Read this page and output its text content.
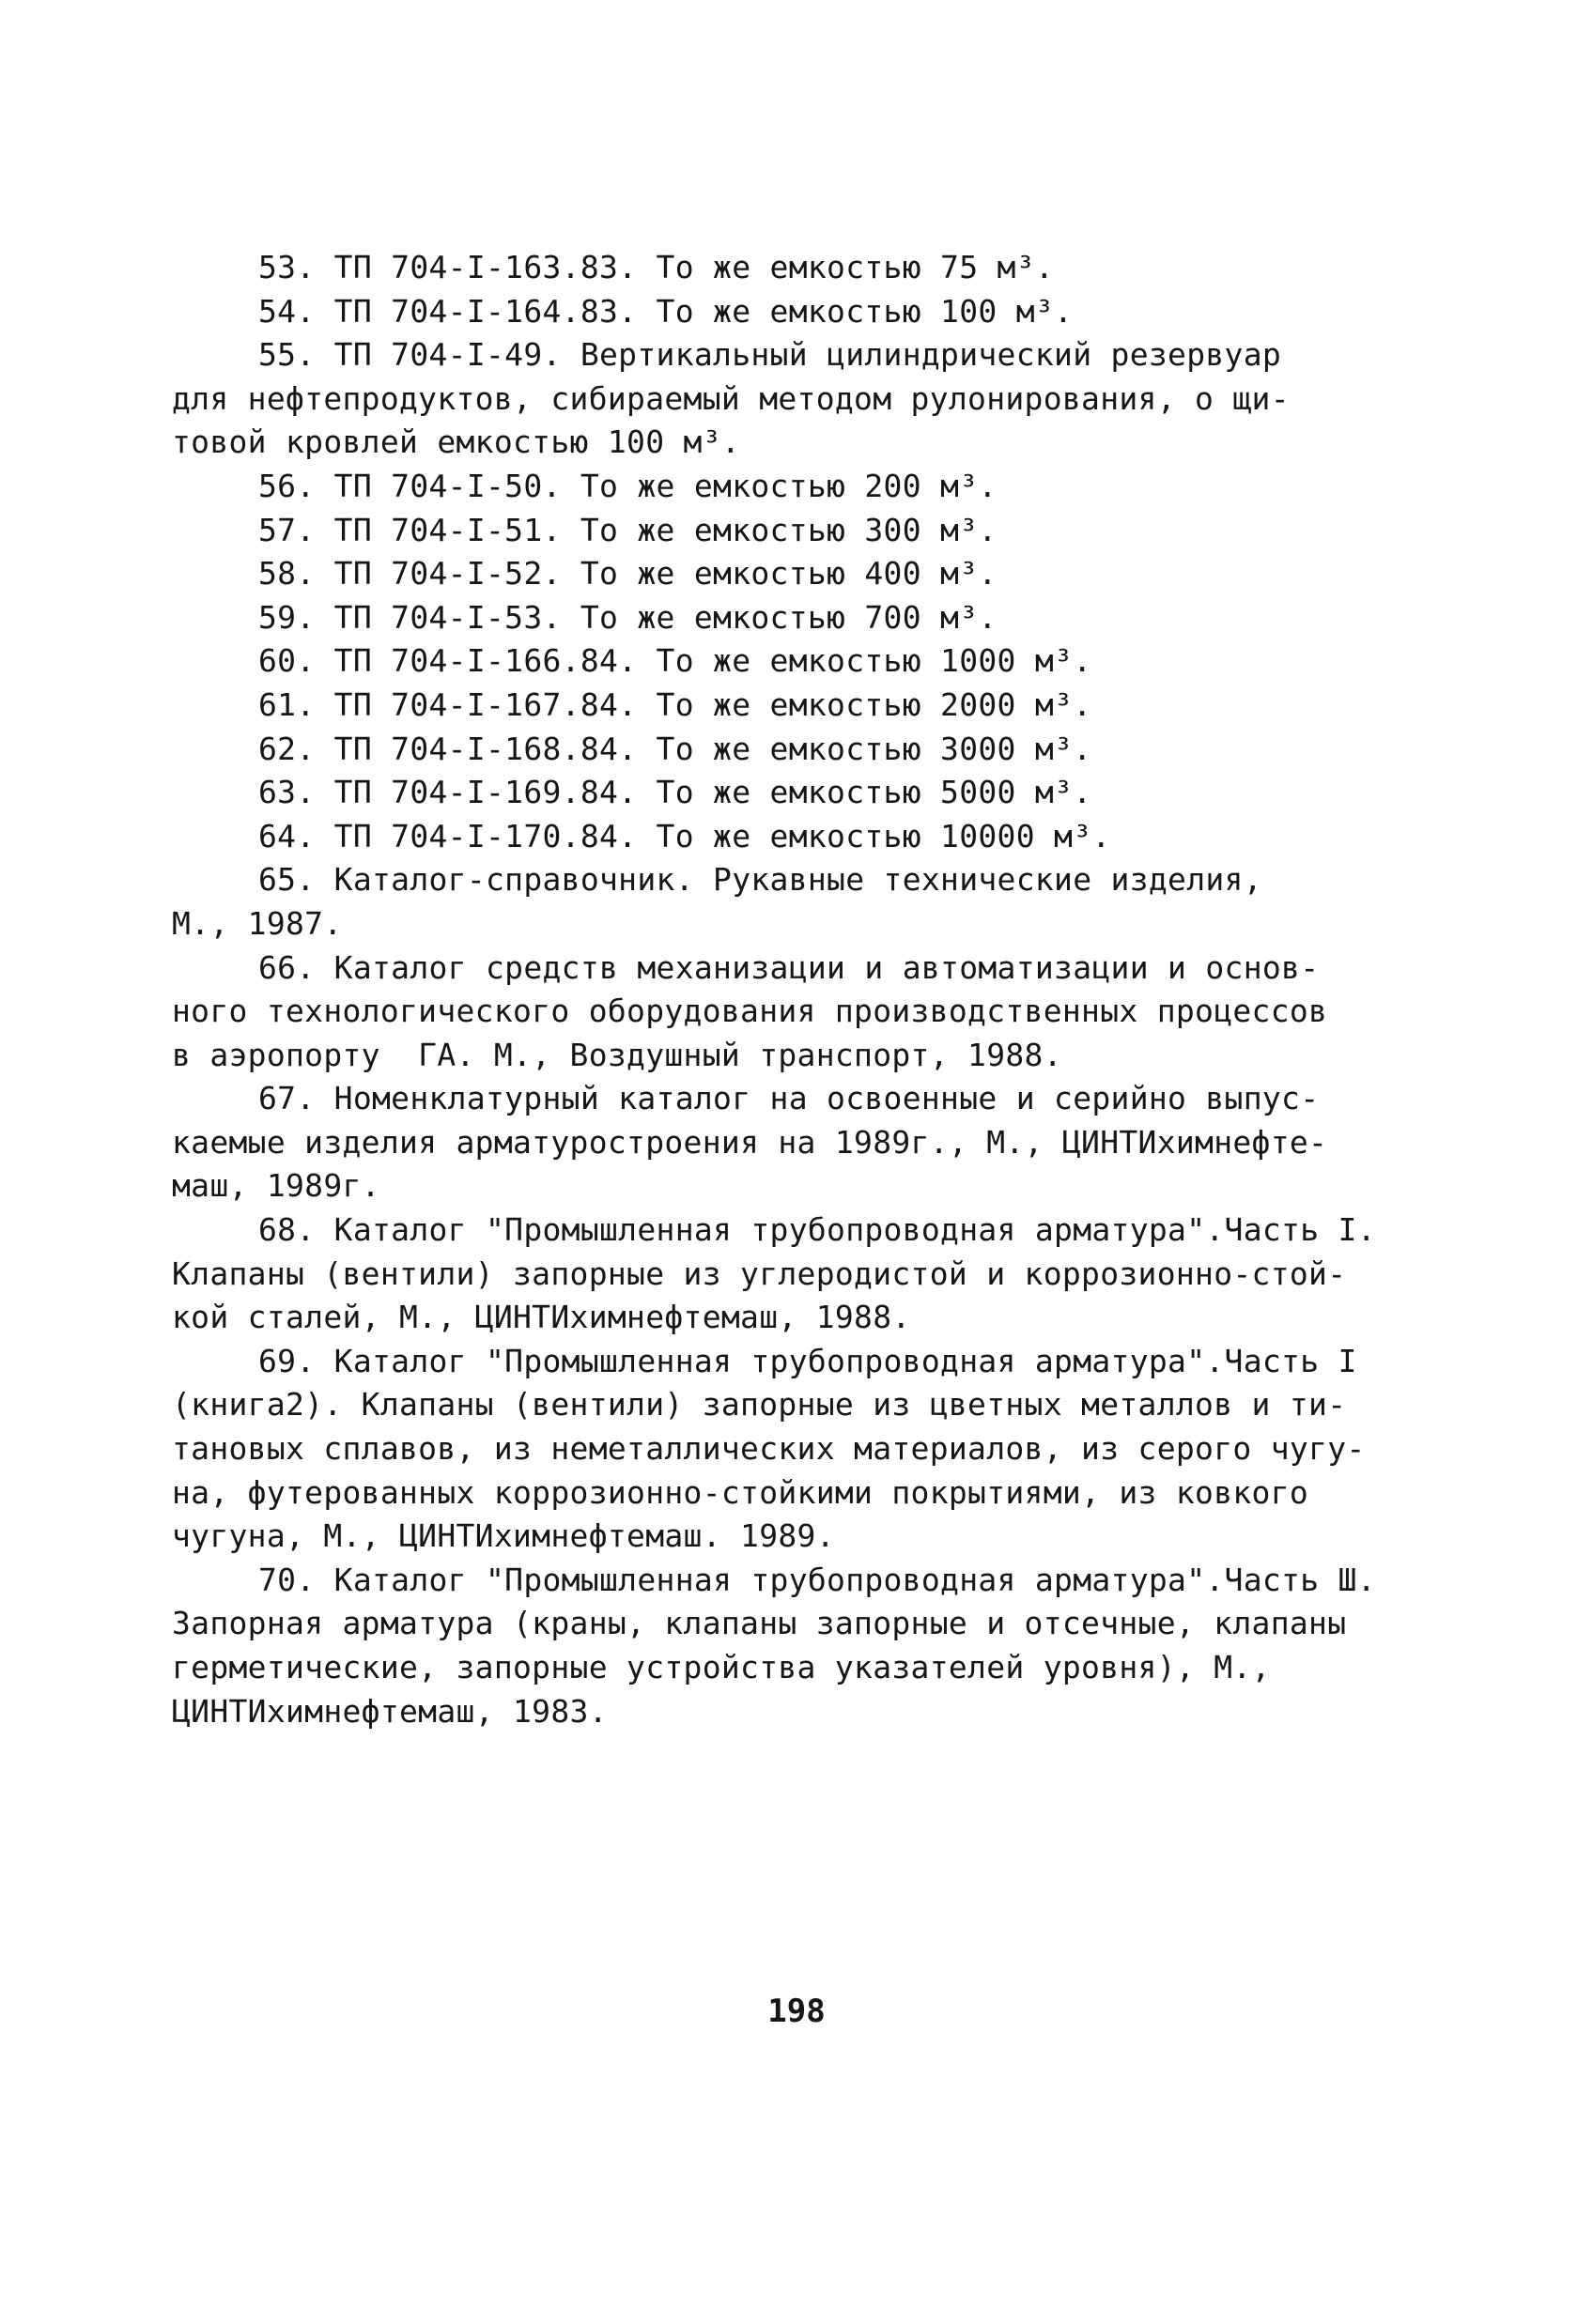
53. ТП 704-I-163.83. То же емкостью 75 м³.
54. ТП 704-I-164.83. То же емкостью 100 м³.
55. ТП 704-I-49. Вертикальный цилиндрический резервуар
для нефтепродуктов, сибираемый методом рулонирования, о щи-
товой кровлей емкостью 100 м³.
56. ТП 704-I-50. То же емкостью 200 м³.
57. ТП 704-I-51. То же емкостью 300 м³.
58. ТП 704-I-52. То же емкостью 400 м³.
59. ТП 704-I-53. То же емкостью 700 м³.
60. ТП 704-I-166.84. То же емкостью 1000 м³.
61. ТП 704-I-167.84. То же емкостью 2000 м³.
62. ТП 704-I-168.84. То же емкостью 3000 м³.
63. ТП 704-I-169.84. То же емкостью 5000 м³.
64. ТП 704-I-170.84. То же емкостью 10000 м³.
65. Каталог-справочник. Рукавные технические изделия,
М., 1987.
66. Каталог средств механизации и автоматизации и основ-
ного технологического оборудования производственных процессов
в аэропорту  ГА. М., Воздушный транспорт, 1988.
67. Номенклатурный каталог на освоенные и серийно выпус-
каемые изделия арматуростроения на 1989г., М., ЦИНТИхимнефте-
маш, 1989г.
68. Каталог "Промышленная трубопроводная арматура".Часть I.
Клапаны (вентили) запорные из углеродистой и коррозионно-стой-
кой сталей, М., ЦИНТИхимнефтемаш, 1988.
69. Каталог "Промышленная трубопроводная арматура".Часть I
(книга2). Клапаны (вентили) запорные из цветных металлов и ти-
тановых сплавов, из неметаллических материалов, из серого чугу-
на, футерованных коррозионно-стойкими покрытиями, из ковкого
чугуна, М., ЦИНТИхимнефтемаш. 1989.
70. Каталог "Промышленная трубопроводная арматура".Часть Ш.
Запорная арматура (краны, клапаны запорные и отсечные, клапаны
герметические, запорные устройства указателей уровня), М.,
ЦИНТИхимнефтемаш, 1983.
198
